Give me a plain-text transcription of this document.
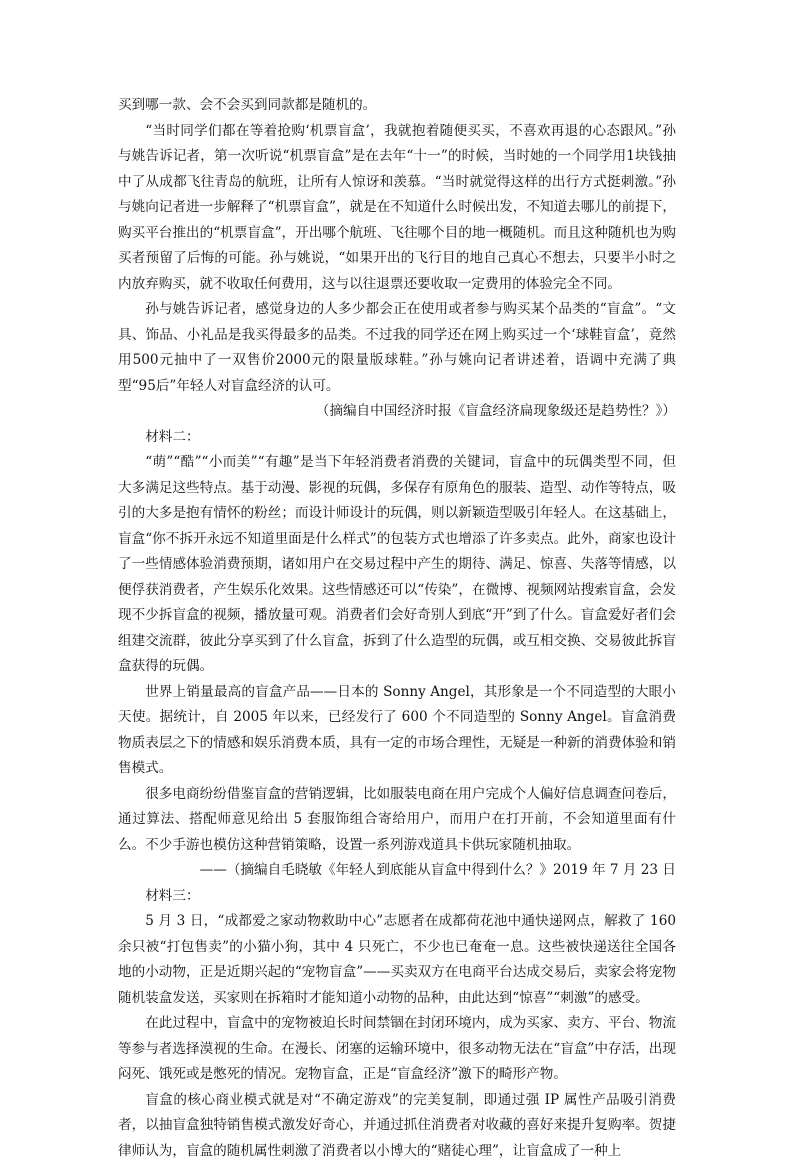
买到哪一款、会不会买到同款都是随机的。

“当时同学们都在等着抢购‘机票盲盒’，我就抱着随便买买，不喜欢再退的心态跟风。”孙与姚告诉记者，第一次听说“机票盲盒”是在去年“十一”的时候，当时她的一个同学用1块钱抽中了从成都飞往青岛的航班，让所有人惊讶和羡慕。“当时就觉得这样的出行方式挺刺激。”孙与姚向记者进一步解释了“机票盲盒”，就是在不知道什么时候出发，不知道去哪儿的前提下，购买平台推出的“机票盲盒”，开出哪个航班、飞往哪个目的地一概随机。而且这种随机也为购买者预留了后悔的可能。孙与姚说，“如果开出的飞行目的地自己真心不想去，只要半小时之内放弃购买，就不收取任何费用，这与以往退票还要收取一定费用的体验完全不同。

孙与姚告诉记者，感觉身边的人多少都会正在使用或者参与购买某个品类的“盲盒”。“文具、饰品、小礼品是我买得最多的品类。不过我的同学还在网上购买过一个‘球鞋盲盒’，竟然用500元抽中了一双售价2000元的限量版球鞋。”孙与姚向记者讲述着，语调中充满了典型“95后”年轻人对盲盒经济的认可。

（摘编自中国经济时报《盲盒经济扁现象级还是趋势性？》）

材料二：

“萌”“酷”“小而美”“有趣”是当下年轻消费者消费的关键词，盲盒中的玩偶类型不同，但大多满足这些特点。基于动漫、影视的玩偶，多保存有原角色的服装、造型、动作等特点，吸引的大多是抱有情怀的粉丝；而设计师设计的玩偶，则以新颖造型吸引年轻人。在这基础上，盲盒“你不拆开永远不知道里面是什么样式”的包装方式也增添了许多卖点。此外，商家也设计了一些情感体验消费预期，诸如用户在交易过程中产生的期待、满足、惊喜、失落等情感，以便俘获消费者，产生娱乐化效果。这些情感还可以“传染”，在微博、视频网站搜索盲盒，会发现不少拆盲盒的视频，播放量可观。消费者们会好奇别人到底“开”到了什么。盲盒爱好者们会组建交流群，彼此分享买到了什么盲盒，拆到了什么造型的玩偶，或互相交换、交易彼此拆盲盒获得的玩偶。

世界上销量最高的盲盒产品——日本的 Sonny Angel，其形象是一个不同造型的大眼小天使。据统计，自 2005 年以来，已经发行了 600 个不同造型的 Sonny Angel。盲盒消费物质表层之下的情感和娱乐消费本质，具有一定的市场合理性，无疑是一种新的消费体验和销售模式。

很多电商纷纷借鉴盲盒的营销逻辑，比如服装电商在用户完成个人偏好信息调查问卷后，通过算法、搭配师意见给出 5 套服饰组合寄给用户，而用户在打开前，不会知道里面有什么。不少手游也模仿这种营销策略，设置一系列游戏道具卡供玩家随机抽取。

——（摘编自毛晓敏《年轻人到底能从盲盒中得到什么？》2019 年 7 月 23 日

材料三：

5 月 3 日，“成都爱之家动物救助中心”志愿者在成都荷花池中通快递网点，解救了 160 余只被“打包售卖”的小猫小狗，其中 4 只死亡，不少也已奄奄一息。这些被快递送往全国各地的小动物，正是近期兴起的“宠物盲盒”——买卖双方在电商平台达成交易后，卖家会将宠物随机装盒发送，买家则在拆箱时才能知道小动物的品种，由此达到“惊喜”“刺激”的感受。

在此过程中，盲盒中的宠物被迫长时间禁锢在封闭环境内，成为买家、卖方、平台、物流等参与者选择漠视的生命。在漫长、闭塞的运输环境中，很多动物无法在“盲盒”中存活，出现闷死、饿死或是憋死的情况。宠物盲盒，正是“盲盒经济”激下的畸形产物。

盲盒的核心商业模式就是对“不确定游戏”的完美复制，即通过强 IP 属性产品吸引消费者，以抽盲盒独特销售模式激发好奇心，并通过抓住消费者对收藏的喜好来提升复购率。贺捷律师认为，盲盒的随机属性刺激了消费者以小博大的“赌徒心理”，让盲盒成了一种上
